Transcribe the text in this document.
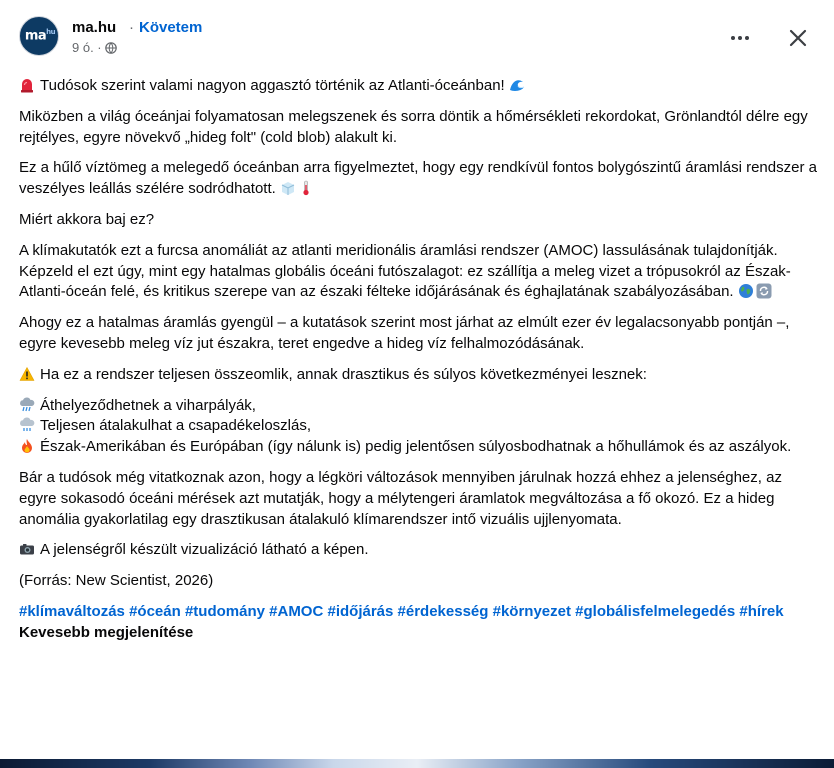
$ma^{hu}$	ma.hu · Követem
9 ó. ·

Tudósok szerint valami nagyon aggasztó történik az Atlanti-óceánban!

Miközben a világ óceánjai folyamatosan melegszenek és sorra döntik a hőmérsékleti rekordokat, Grönlandtól délre egy rejtélyes, egyre növekvő „hideg folt" (cold blob) alakult ki.

Ez a hűlő víztömeg a melegedő óceánban arra figyelmeztet, hogy egy rendkívül fontos bolygószintű áramlási rendszer a veszélyes leállás szélére sodródhatott.

Miért akkora baj ez?

A klímakutatók ezt a furcsa anomáliát az atlanti meridionális áramlási rendszer (AMOC) lassulásának tulajdonítják. Képzeld el ezt úgy, mint egy hatalmas globális óceáni futószalagot: ez szállítja a meleg vizet a trópusokról az Észak-Atlanti-óceán felé, és kritikus szerepe van az északi félteke időjárásának és éghajlatának szabályozásában.

Ahogy ez a hatalmas áramlás gyengül – a kutatások szerint most járhat az elmúlt ezer év legalacsonyabb pontján –, egyre kevesebb meleg víz jut északra, teret engedve a hideg víz felhalmozódásának.

Ha ez a rendszer teljesen összeomlik, annak drasztikus és súlyos következményei lesznek:

Áthelyeződhetnek a viharpályák,
Teljesen átalakulhat a csapadékeloszlás,
Észak-Amerikában és Európában (így nálunk is) pedig jelentősen súlyosbodhatnak a hőhullámok és az aszályok.

Bár a tudósok még vitatkoznak azon, hogy a légköri változások mennyiben járulnak hozzá ehhez a jelenséghez, az egyre sokasodó óceáni mérések azt mutatják, hogy a mélytengeri áramlatok megváltozása a fő okozó. Ez a hideg anomália gyakorlatilag egy drasztikusan átalakuló klímarendszer intő vizuális ujjlenyomata.

A jelenségről készült vizualizáció látható a képen.

(Forrás: New Scientist, 2026)

#klímaváltozás #óceán #tudomány #AMOC #időjárás #érdekesség #környezet #globálisfelmelegedés #hírek Kevesebb megjelenítése
